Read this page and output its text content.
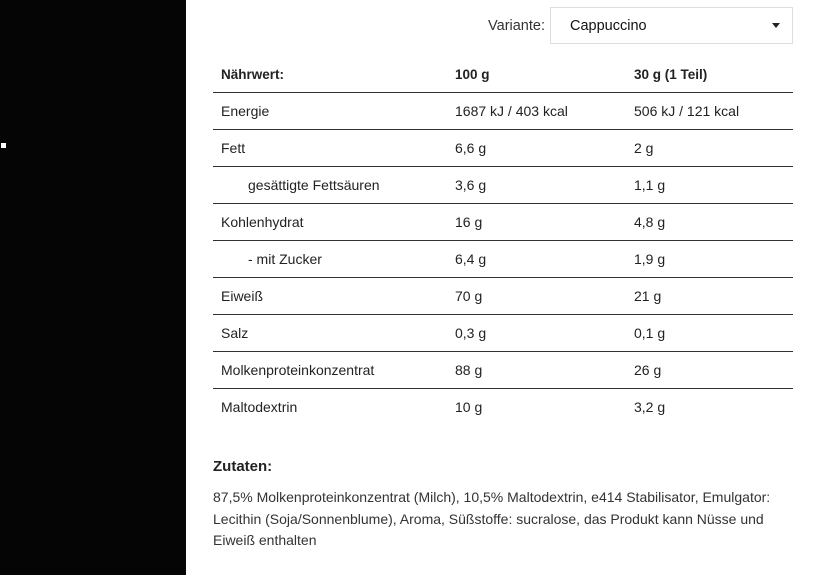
Variante: Cappuccino
Nährwert:	100 g	30 g (1 Teil)
Energie	1687 kJ / 403 kcal	506 kJ / 121 kcal
Fett	6,6 g	2 g
gesättigte Fettsäuren	3,6 g	1,1 g
Kohlenhydrat	16 g	4,8 g
- mit Zucker	6,4 g	1,9 g
Eiweiß	70 g	21 g
Salz	0,3 g	0,1 g
Molkenproteinkonzentrat	88 g	26 g
Maltodextrin	10 g	3,2 g
Zutaten:
87,5% Molkenproteinkonzentrat (Milch), 10,5% Maltodextrin, e414 Stabilisator, Emulgator: Lecithin (Soja/Sonnenblume), Aroma, Süßstoffe: sucralose, das Produkt kann Nüsse und Eiweiß enthalten
